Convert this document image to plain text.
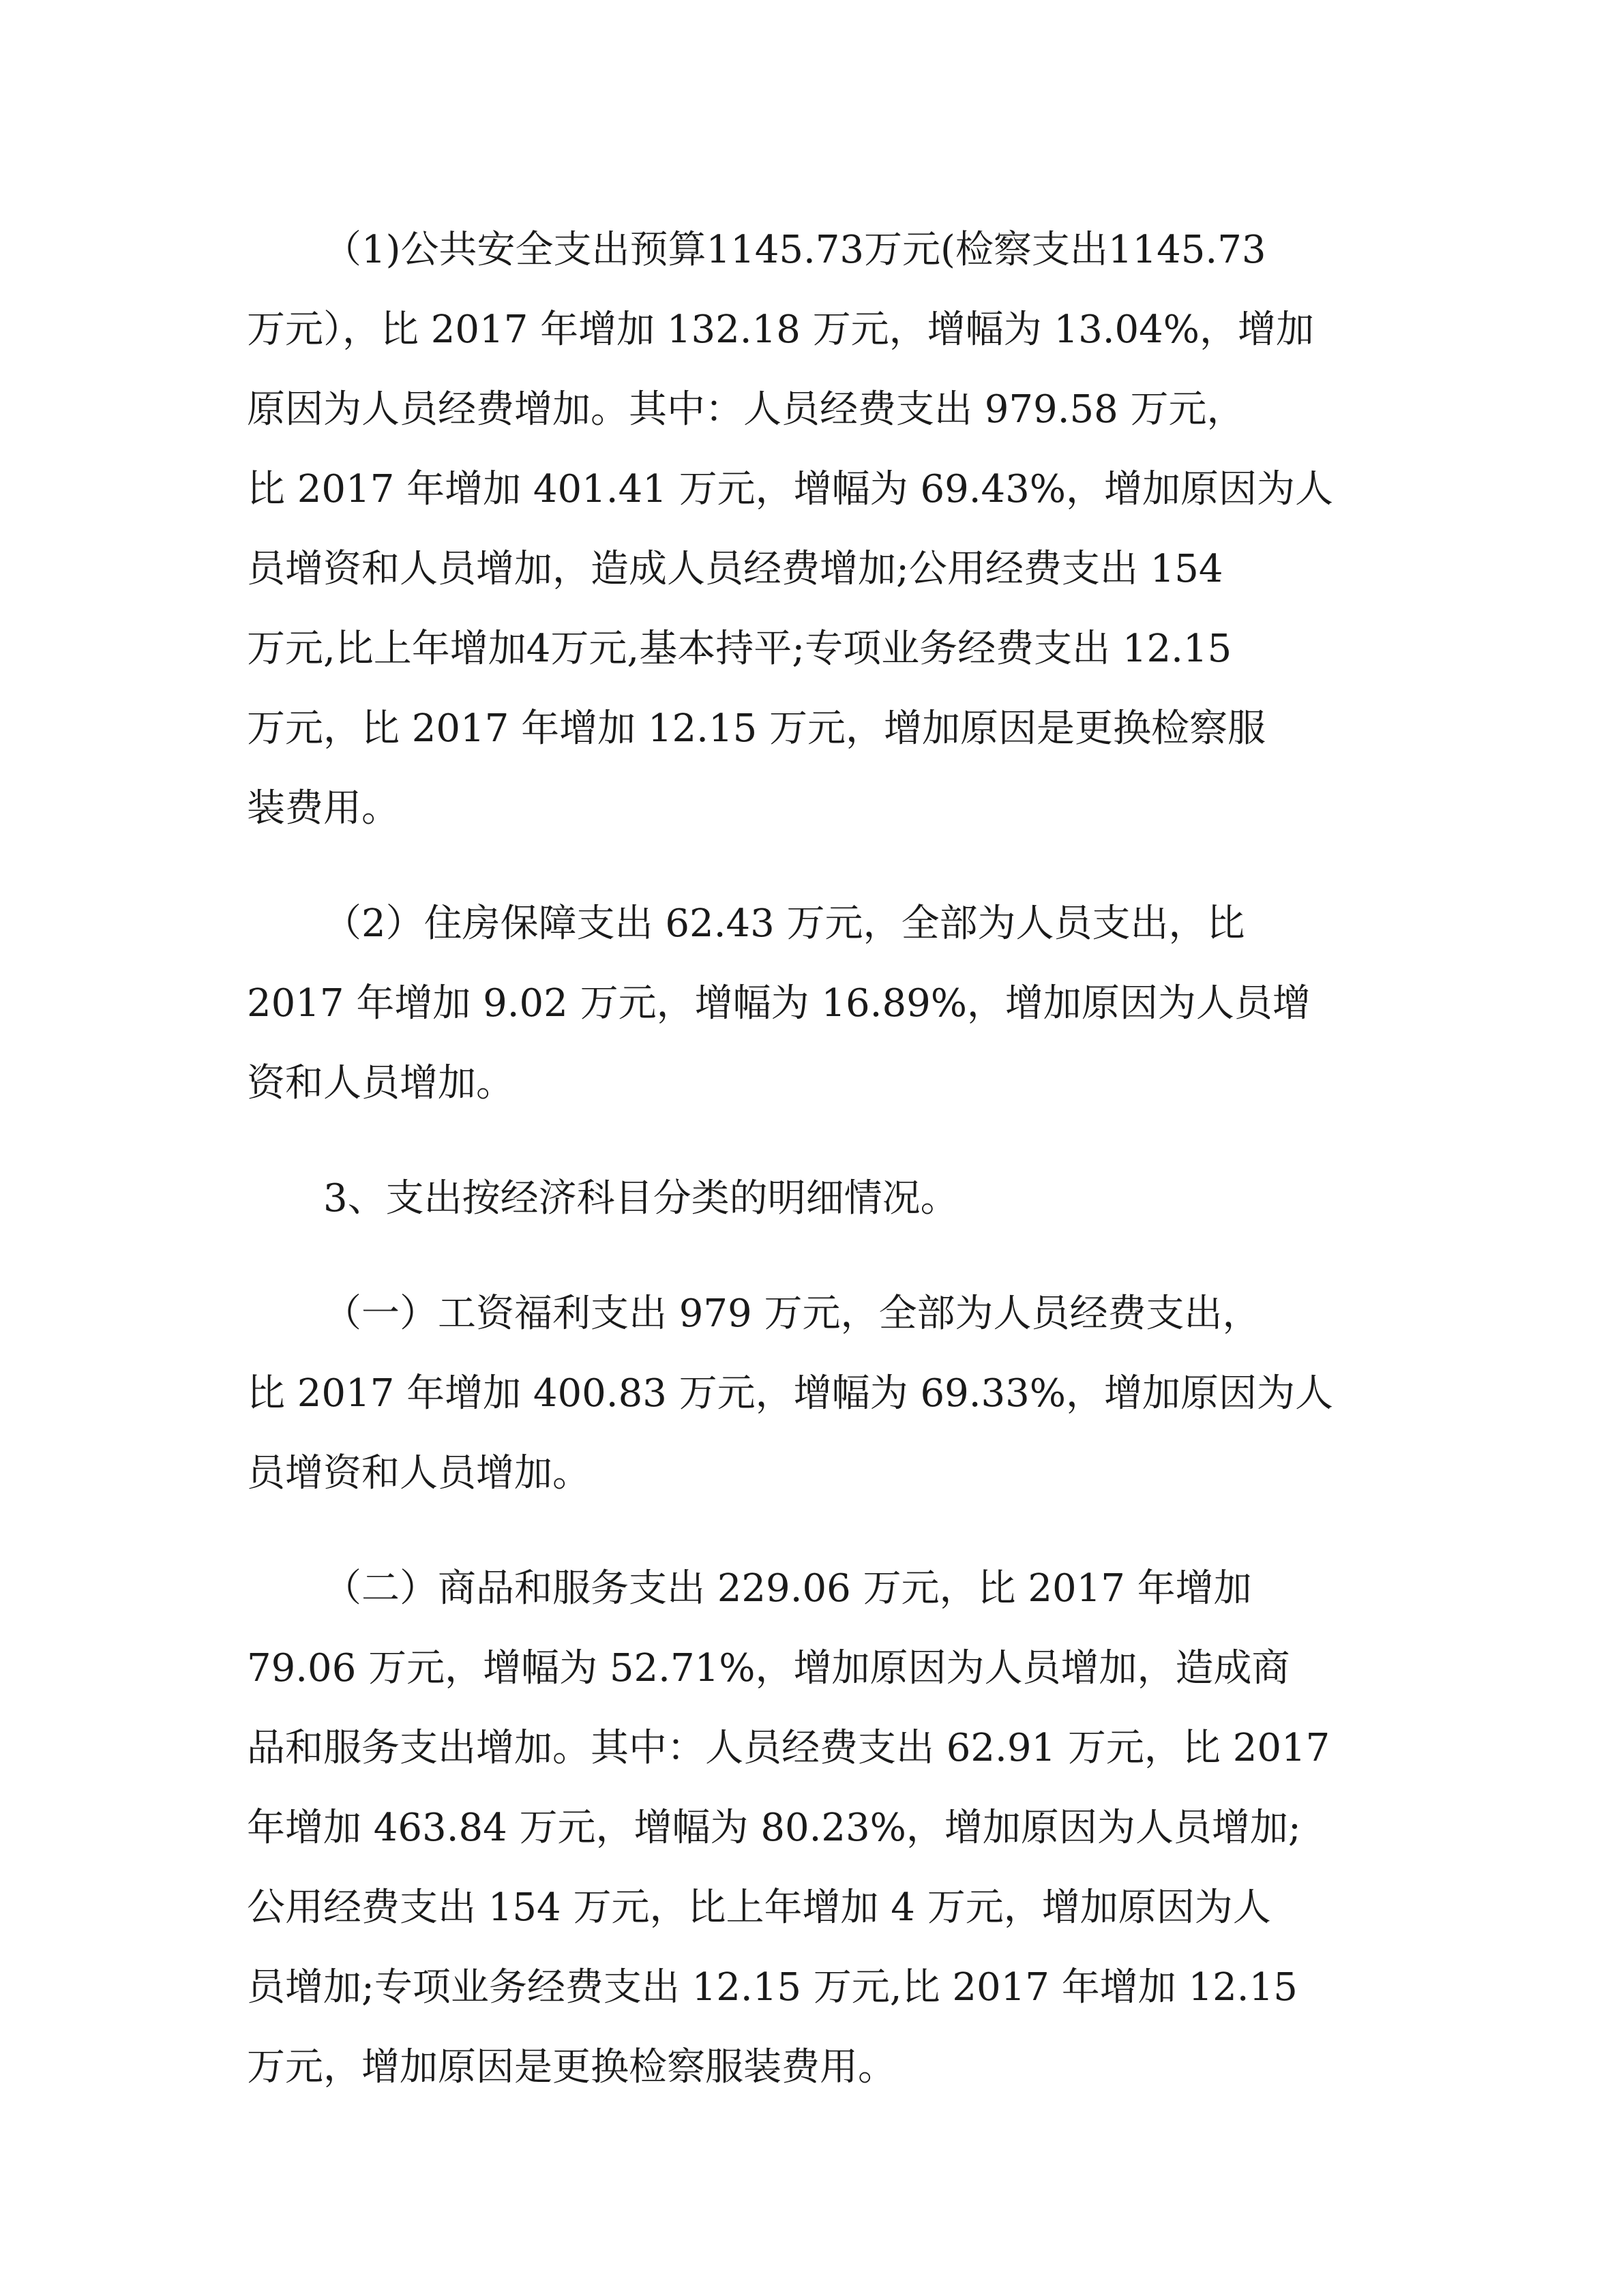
（1)公共安全支出预算1145.73万元(检察支出1145.73
万元），比 2017 年增加 132.18 万元，增幅为 13.04%，增加
原因为人员经费增加。其中：人员经费支出 979.58 万元，
比 2017 年增加 401.41 万元，增幅为 69.43%，增加原因为人
员增资和人员增加，造成人员经费增加;公用经费支出 154
万元,比上年增加4万元,基本持平;专项业务经费支出 12.15
万元，比 2017 年增加 12.15 万元，增加原因是更换检察服
装费用。

（2）住房保障支出 62.43 万元，全部为人员支出，比
2017 年增加 9.02 万元，增幅为 16.89%，增加原因为人员增
资和人员增加。

3、支出按经济科目分类的明细情况。

（一）工资福利支出 979 万元，全部为人员经费支出，
比 2017 年增加 400.83 万元，增幅为 69.33%，增加原因为人
员增资和人员增加。

（二）商品和服务支出 229.06 万元，比 2017 年增加
79.06 万元，增幅为 52.71%，增加原因为人员增加，造成商
品和服务支出增加。其中：人员经费支出 62.91 万元，比 2017
年增加 463.84 万元，增幅为 80.23%，增加原因为人员增加;
公用经费支出 154 万元，比上年增加 4 万元，增加原因为人
员增加;专项业务经费支出 12.15 万元,比 2017 年增加 12.15
万元，增加原因是更换检察服装费用。
